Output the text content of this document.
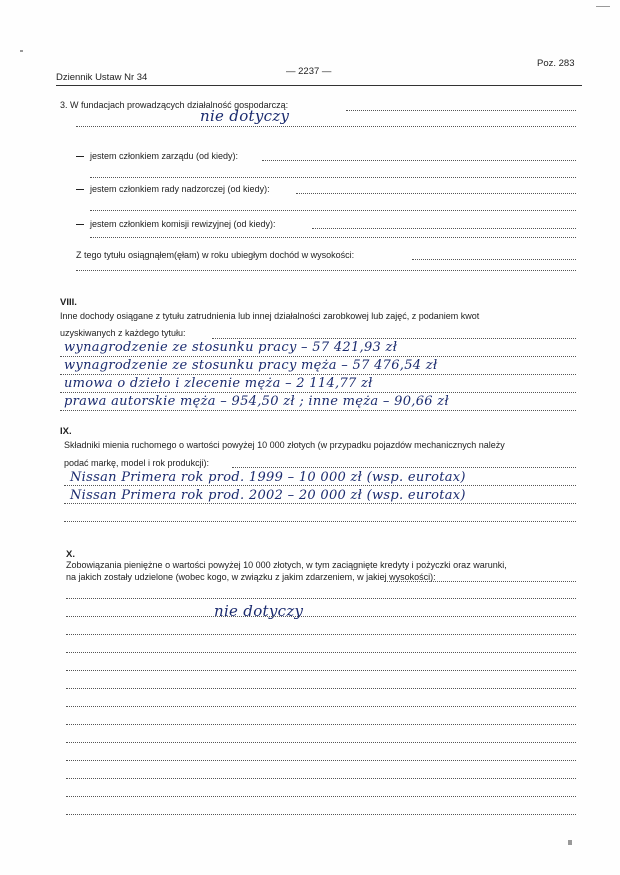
Dziennik Ustaw Nr 34
— 2237 —
Poz. 283
3. W fundacjach prowadzących działalność gospodarczą:
nie dotyczy
jestem członkiem zarządu (od kiedy):
jestem członkiem rady nadzorczej (od kiedy):
jestem członkiem komisji rewizyjnej (od kiedy):
Z tego tytułu osiągnąłem(ęłam) w roku ubiegłym dochód w wysokości:
VIII.
Inne dochody osiągane z tytułu zatrudnienia lub innej działalności zarobkowej lub zajęć, z podaniem kwot
uzyskiwanych z każdego tytułu:
wynagrodzenie ze stosunku pracy – 57 421,93 zł
wynagrodzenie ze stosunku pracy męża – 57 476,54 zł
umowa o dzieło i zlecenie męża – 2 114,77 zł
prawa autorskie męża – 954,50 zł ; inne męża – 90,66 zł
IX.
Składniki mienia ruchomego o wartości powyżej 10 000 złotych (w przypadku pojazdów mechanicznych należy
podać markę, model i rok produkcji):
Nissan Primera rok prod. 1999 – 10 000 zł (wsp. eurotax)
Nissan Primera rok prod. 2002 – 20 000 zł (wsp. eurotax)
X.
Zobowiązania pieniężne o wartości powyżej 10 000 złotych, w tym zaciągnięte kredyty i pożyczki oraz warunki,
na jakich zostały udzielone (wobec kogo, w związku z jakim zdarzeniem, w jakiej wysokości):
nie dotyczy
